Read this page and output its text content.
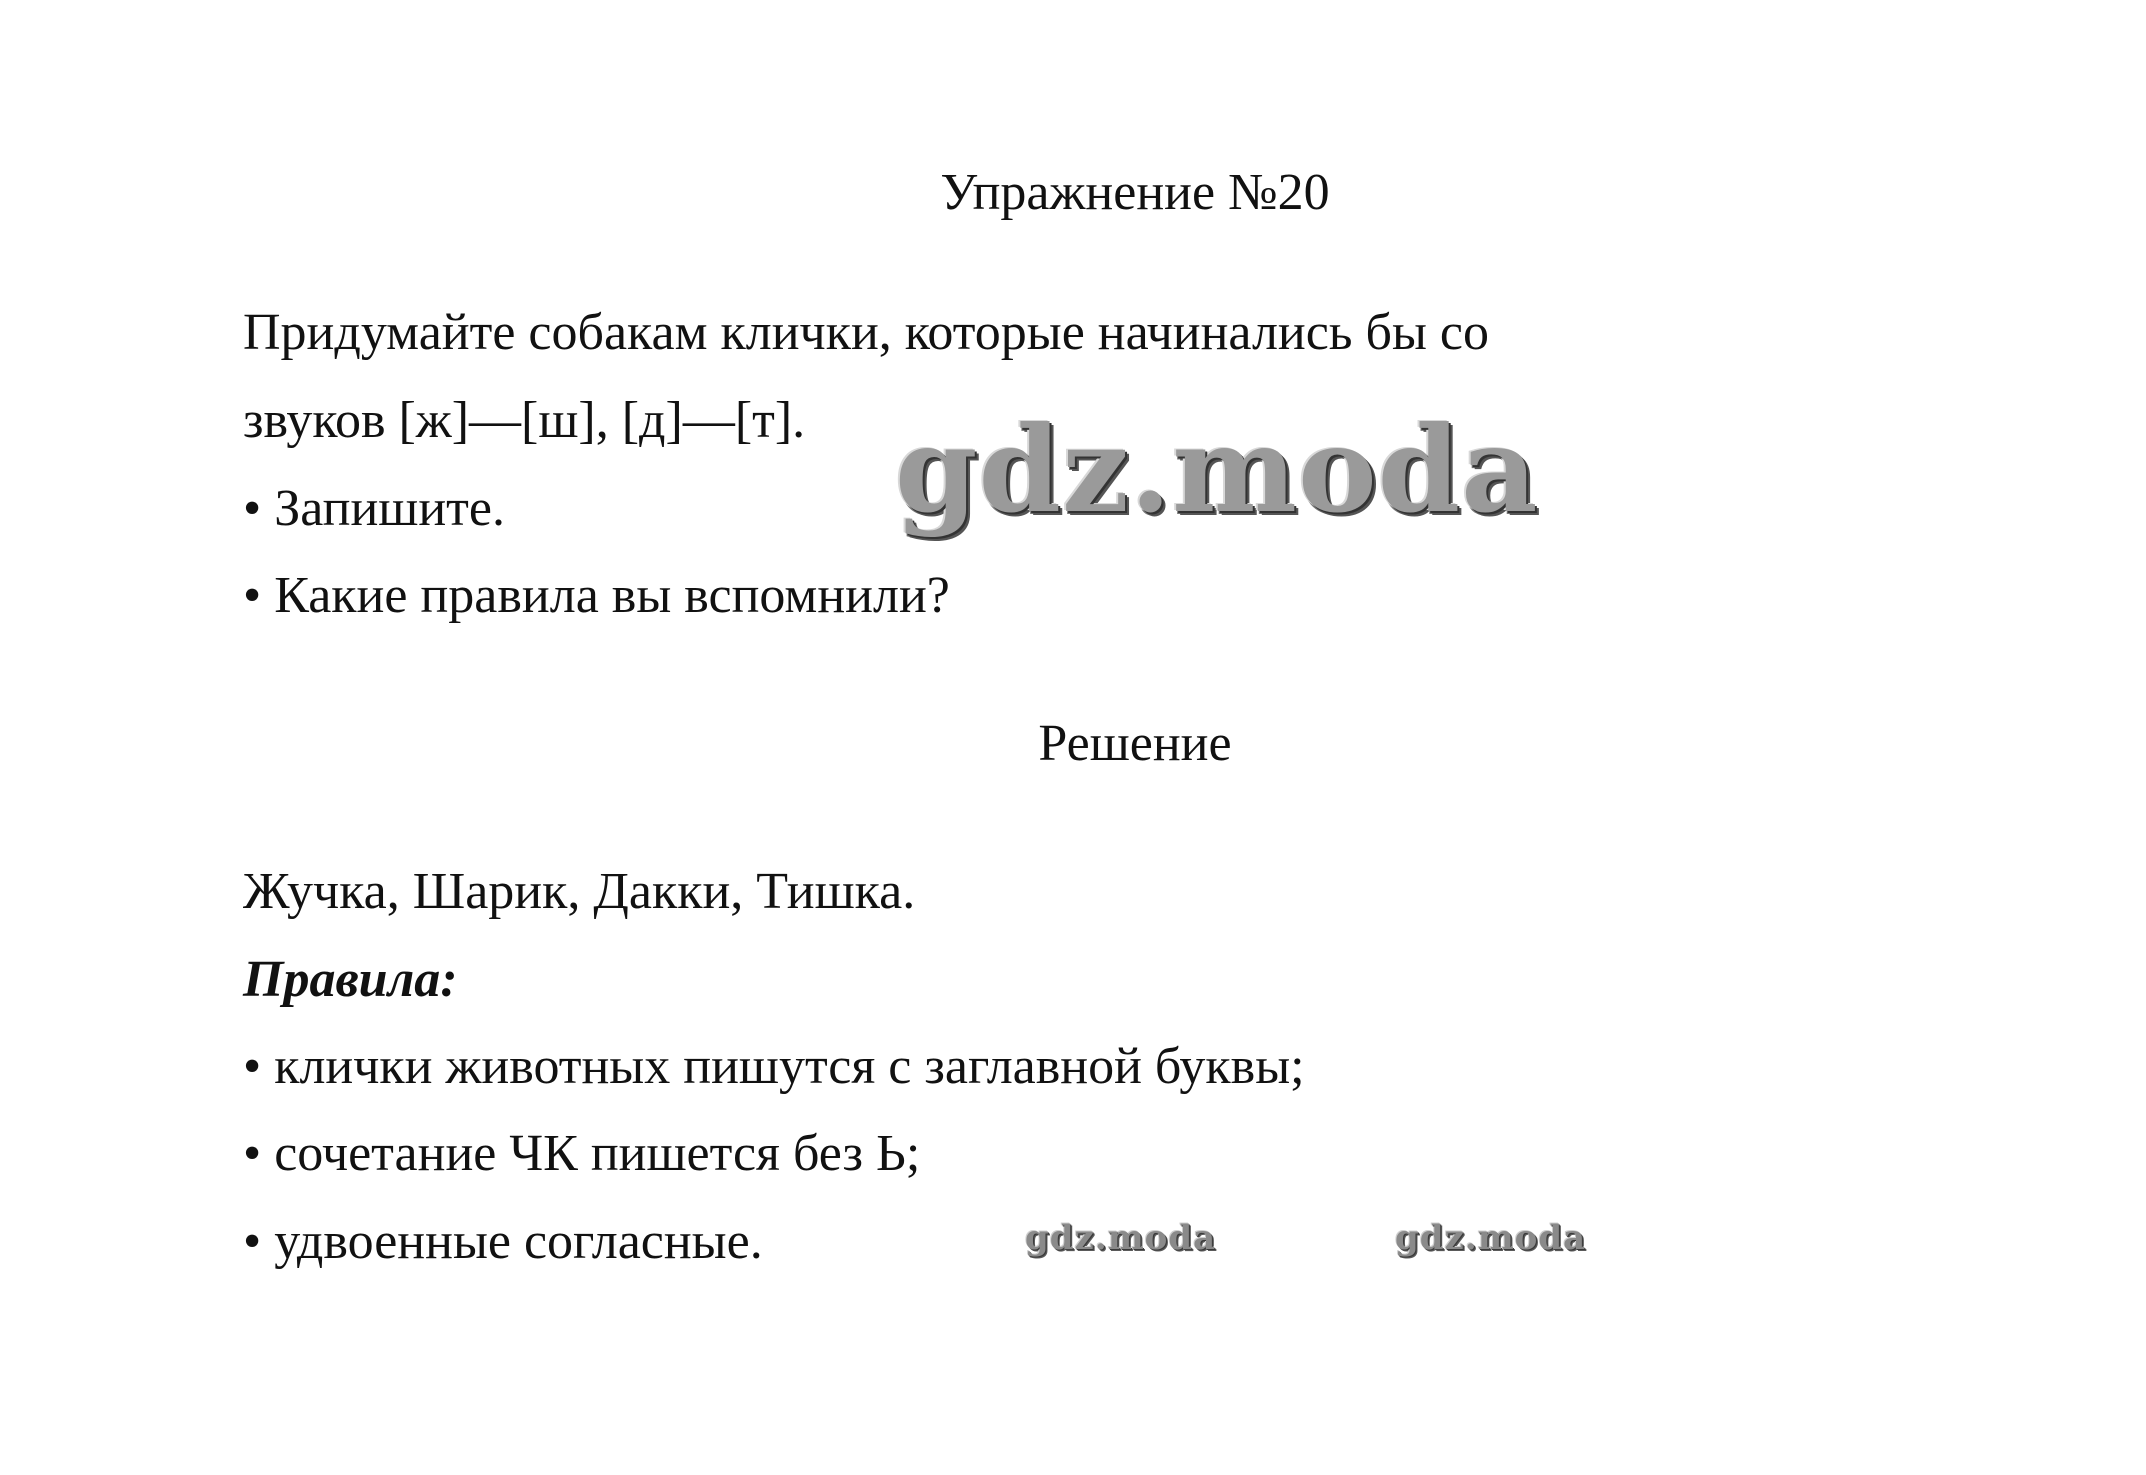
Упражнение №20
Придумайте собакам клички, которые начинались бы со
звуков [ж]—[ш], [д]—[т].
• Запишите.
• Какие правила вы вспомнили?
Решение
Жучка, Шарик, Дакки, Тишка.
Правила:
• клички животных пишутся с заглавной буквы;
• сочетание ЧК пишется без Ь;
• удвоенные согласные.
gdz.moda
gdz.moda	gdz.moda
